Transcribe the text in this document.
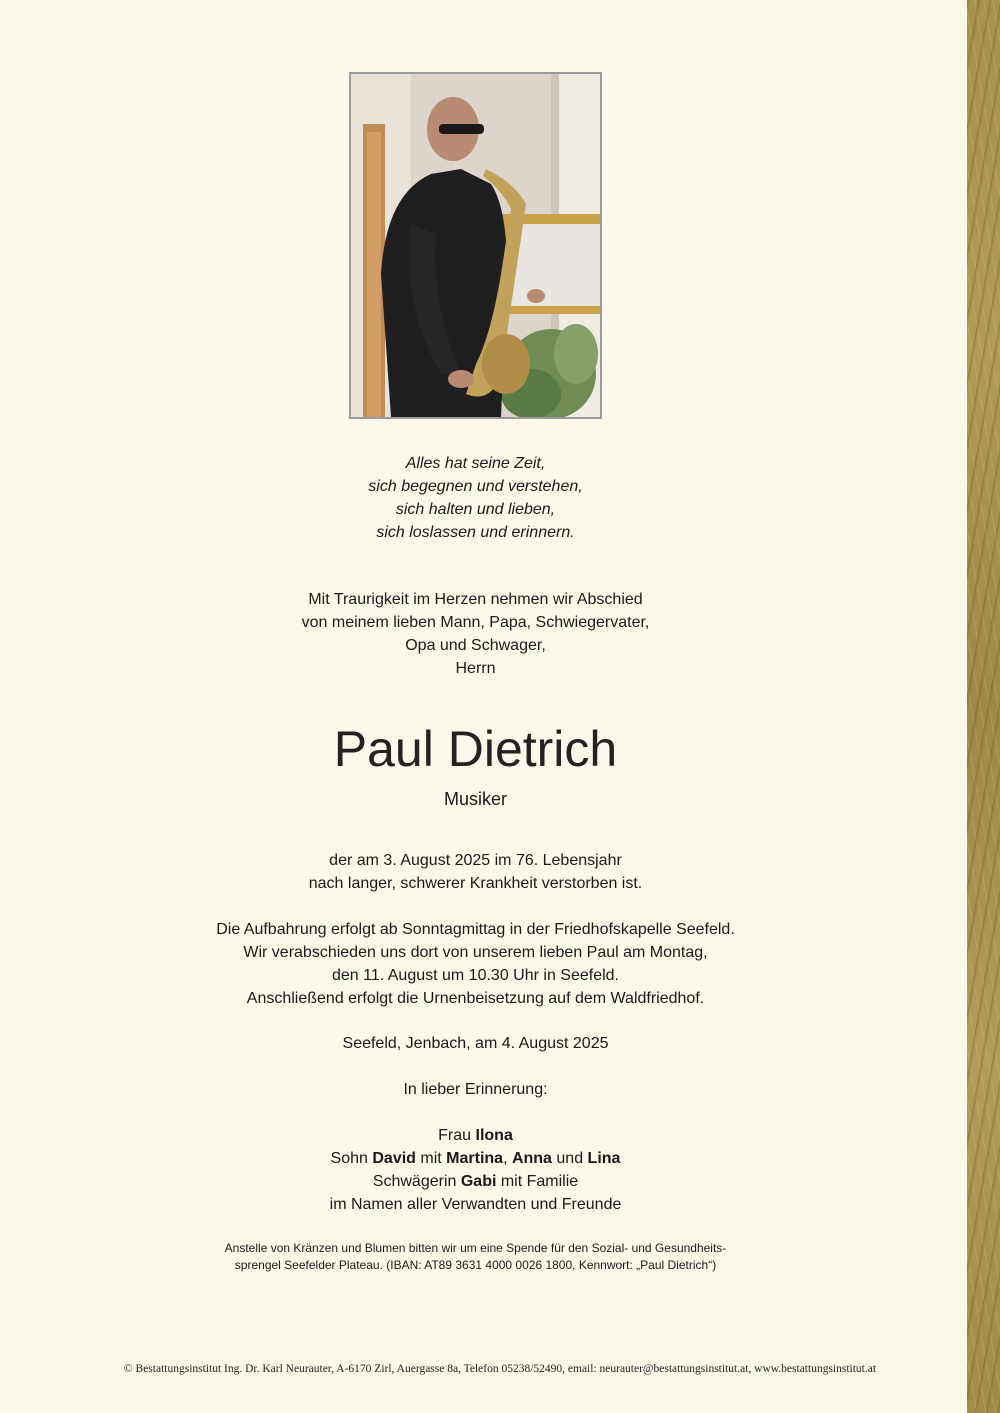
Alles hat seine Zeit,
sich begegnen und verstehen,
sich halten und lieben,
sich loslassen und erinnern.
Mit Traurigkeit im Herzen nehmen wir Abschied
von meinem lieben Mann, Papa, Schwiegervater,
Opa und Schwager,
Herrn
Paul Dietrich
Musiker
der am 3. August 2025 im 76. Lebensjahr
nach langer, schwerer Krankheit verstorben ist.
Die Aufbahrung erfolgt ab Sonntagmittag in der Friedhofskapelle Seefeld.
Wir verabschieden uns dort von unserem lieben Paul am Montag,
den 11. August um 10.30 Uhr in Seefeld.
Anschließend erfolgt die Urnenbeisetzung auf dem Waldfriedhof.
Seefeld, Jenbach, am 4. August 2025
In lieber Erinnerung:
Frau Ilona
Sohn David mit Martina, Anna und Lina
Schwägerin Gabi mit Familie
im Namen aller Verwandten und Freunde
Anstelle von Kränzen und Blumen bitten wir um eine Spende für den Sozial- und Gesundheits-
sprengel Seefelder Plateau. (IBAN: AT89 3631 4000 0026 1800, Kennwort: „Paul Dietrich“)
© Bestattungsinstitut Ing. Dr. Karl Neurauter, A-6170 Zirl, Auergasse 8a, Telefon 05238/52490, email: neurauter@bestattungsinstitut.at, www.bestattungsinstitut.at
